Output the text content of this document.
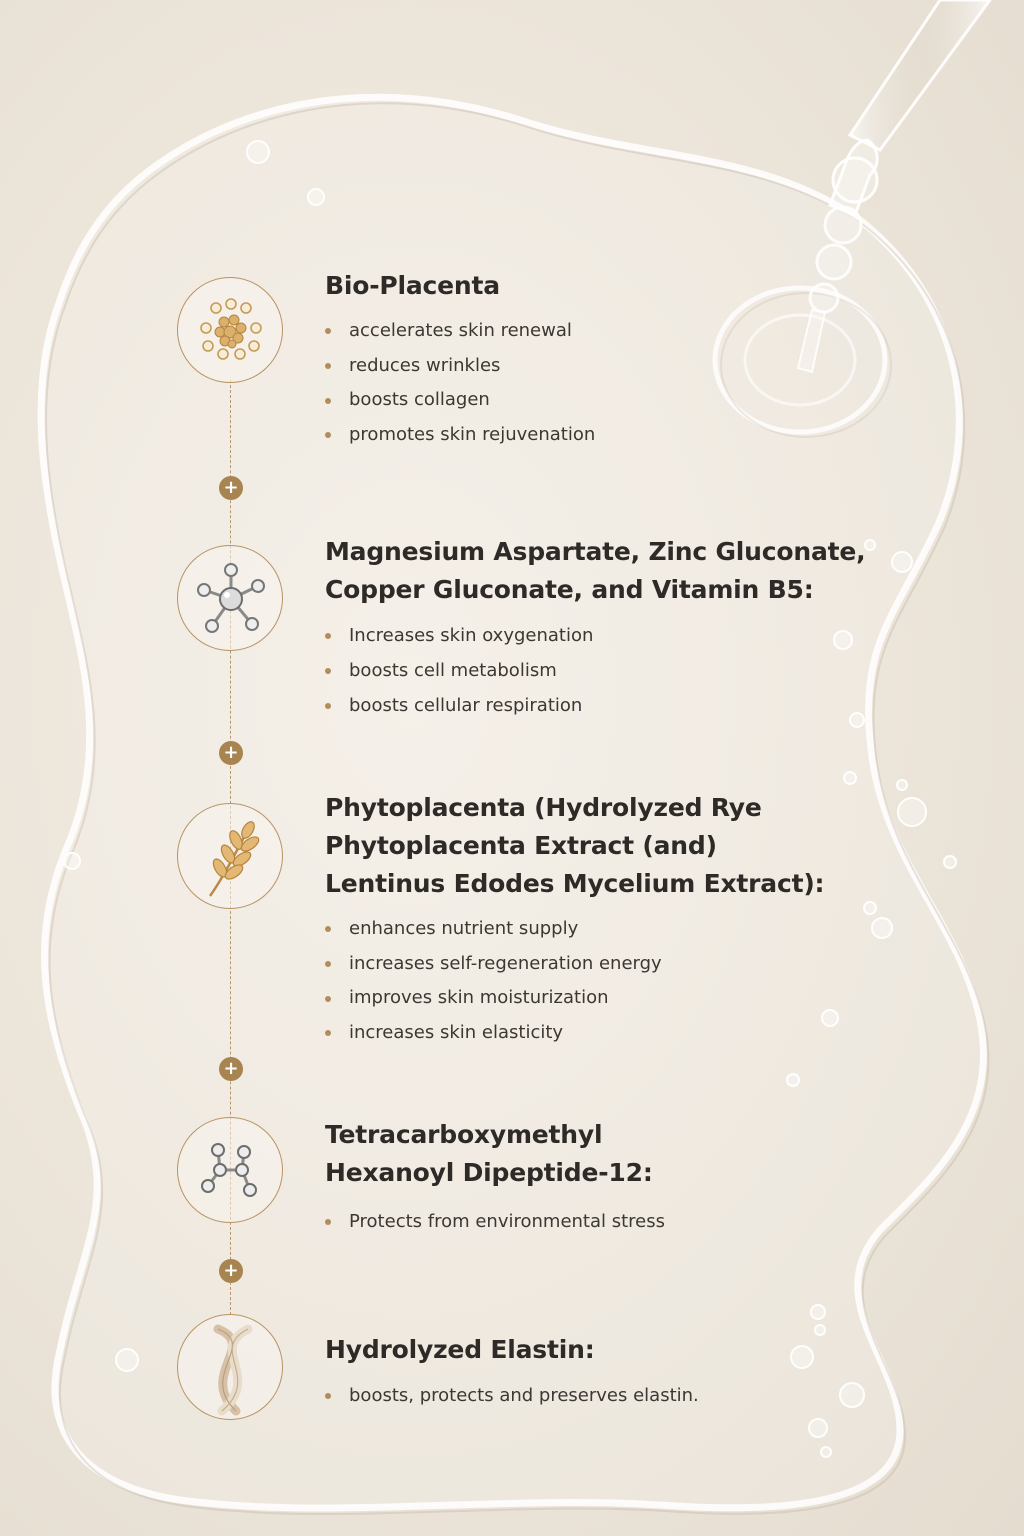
Bio-Placenta
accelerates skin renewal
reduces wrinkles
boosts collagen
promotes skin rejuvenation
+
Magnesium Aspartate, Zinc Gluconate,
Copper Gluconate, and Vitamin B5:
Increases skin oxygenation
boosts cell metabolism
boosts cellular respiration
+
Phytoplacenta (Hydrolyzed Rye
Phytoplacenta Extract (and)
Lentinus Edodes Mycelium Extract):
enhances nutrient supply
increases self-regeneration energy
improves skin moisturization
increases skin elasticity
+
Tetracarboxymethyl
Hexanoyl Dipeptide-12:
Protects from environmental stress
+
Hydrolyzed Elastin:
boosts, protects and preserves elastin.
